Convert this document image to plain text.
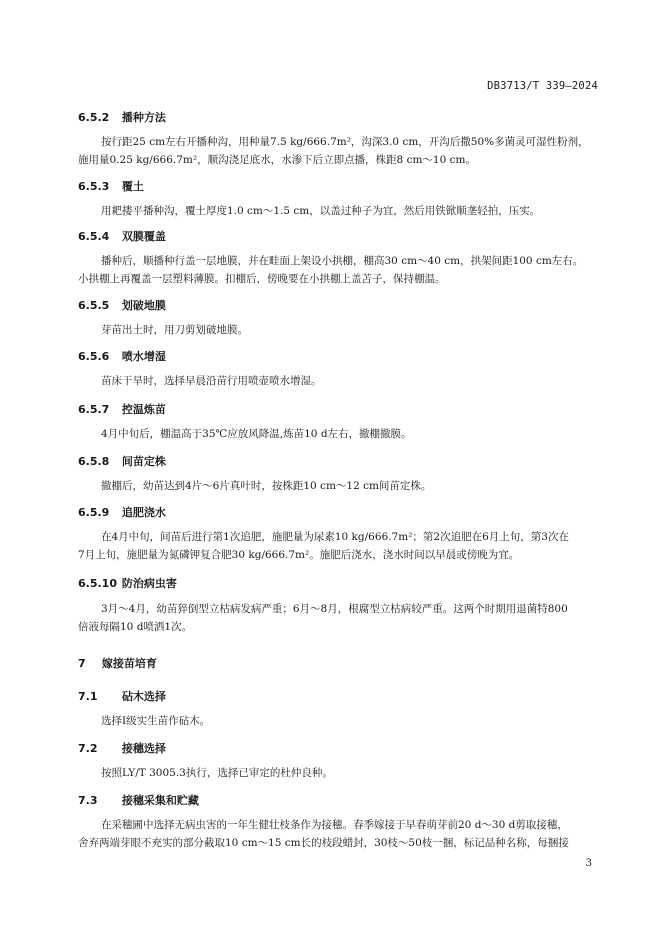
DB3713/T 339—2024
6.5.2 播种方法
按行距25 cm左右开播种沟，用种量7.5 kg/666.7m²，沟深3.0 cm，开沟后撒50%多菌灵可湿性粉剂，
施用量0.25 kg/666.7m²，顺沟浇足底水，水渗下后立即点播，株距8 cm～10 cm。
6.5.3 覆土
用耙搂平播种沟，覆土厚度1.0 cm～1.5 cm，以盖过种子为宜，然后用铁锨顺垄轻拍，压实。
6.5.4 双膜覆盖
播种后，顺播种行盖一层地膜，并在畦面上架设小拱棚，棚高30 cm～40 cm，拱架间距100 cm左右。
小拱棚上再覆盖一层塑料薄膜。扣棚后，傍晚要在小拱棚上盖苫子，保持棚温。
6.5.5 划破地膜
芽苗出土时，用刀剪划破地膜。
6.5.6 喷水增湿
苗床干旱时，选择早晨沿苗行用喷壶喷水增湿。
6.5.7 控温炼苗
4月中旬后，棚温高于35℃应放风降温,炼苗10 d左右，撤棚撤膜。
6.5.8 间苗定株
撤棚后，幼苗达到4片～6片真叶时，按株距10 cm～12 cm间苗定株。
6.5.9 追肥浇水
在4月中旬，间苗后进行第1次追肥，施肥量为尿素10 kg/666.7m²；第2次追肥在6月上旬，第3次在
7月上旬，施肥量为氮磷钾复合肥30 kg/666.7m²。施肥后浇水，浇水时间以早晨或傍晚为宜。
6.5.10 防治病虫害
3月～4月，幼苗猝倒型立枯病发病严重；6月～8月，根腐型立枯病较严重。这两个时期用退菌特800
倍液每隔10 d喷洒1次。
7 嫁接苗培育
7.1 砧木选择
选择Ⅰ级实生苗作砧木。
7.2 接穗选择
按照LY/T 3005.3执行，选择已审定的杜仲良种。
7.3 接穗采集和贮藏
在采穗圃中选择无病虫害的一年生健壮枝条作为接穗。春季嫁接于早春萌芽前20 d～30 d剪取接穗，
舍弃两端芽眼不充实的部分截取10 cm～15 cm长的枝段蜡封，30枝～50枝一捆，标记品种名称，每捆接
3
